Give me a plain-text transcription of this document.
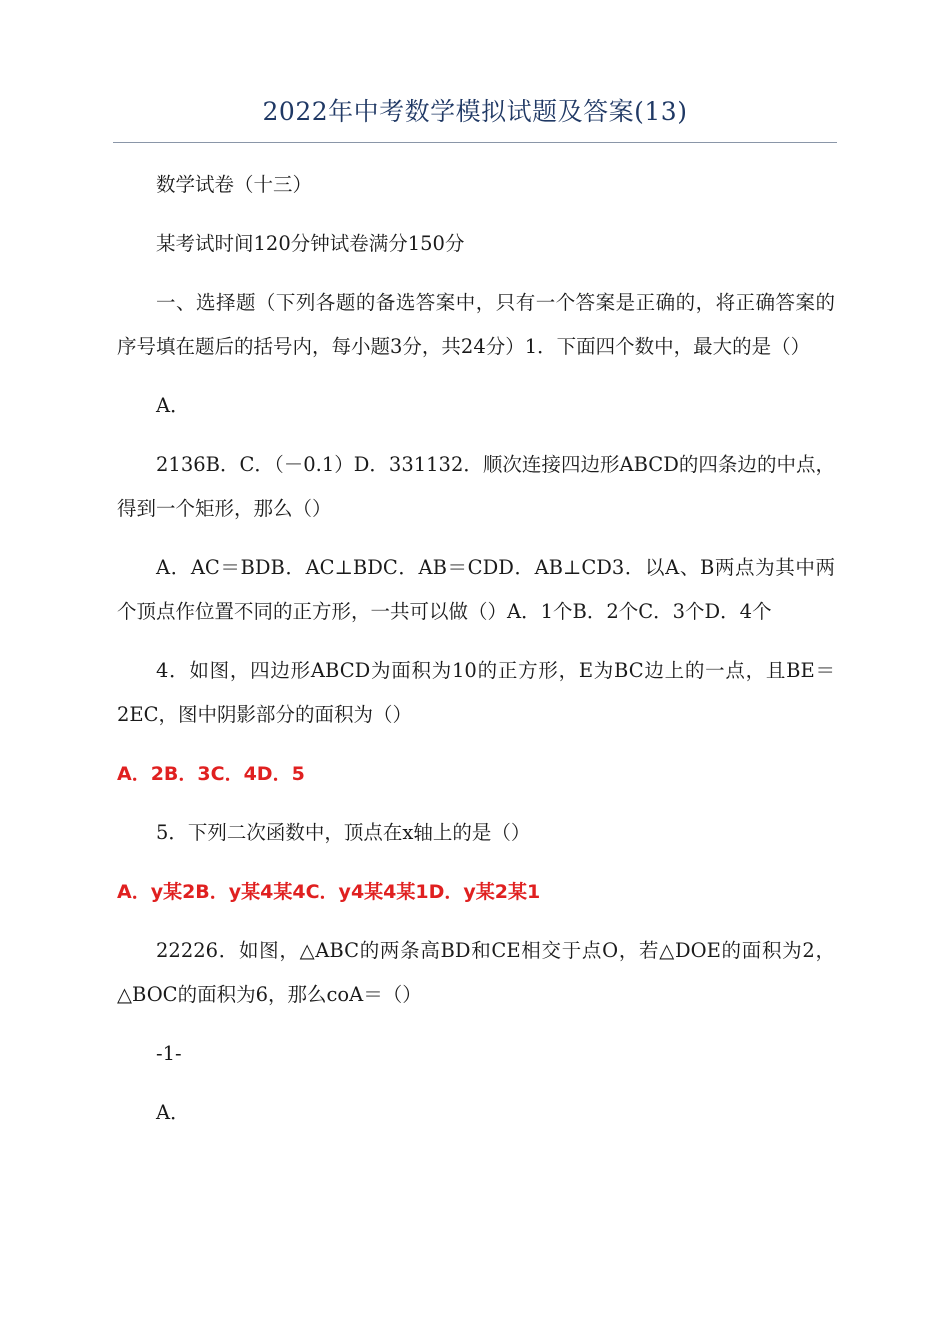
2022年中考数学模拟试题及答案(13)

数学试卷（十三）

某考试时间120分钟试卷满分150分

一、选择题（下列各题的备选答案中，只有一个答案是正确的，将正确答案的序号填在题后的括号内，每小题3分，共24分）1．下面四个数中，最大的是（）

A．

2136B．C．（－0.1）D．331132．顺次连接四边形ABCD的四条边的中点，得到一个矩形，那么（）

A．AC＝BDB．AC⊥BDC．AB＝CDD．AB⊥CD3．以A、B两点为其中两个顶点作位置不同的正方形，一共可以做（）A．1个B．2个C．3个D．4个

4．如图，四边形ABCD为面积为10的正方形，E为BC边上的一点，且BE＝2EC，图中阴影部分的面积为（）

A．2B．3C．4D．5

5．下列二次函数中，顶点在x轴上的是（）

A．y某2B．y某4某4C．y4某4某1D．y某2某1

22226．如图，△ABC的两条高BD和CE相交于点O，若△DOE的面积为2，△BOC的面积为6，那么coA＝（）

-1-

A．
